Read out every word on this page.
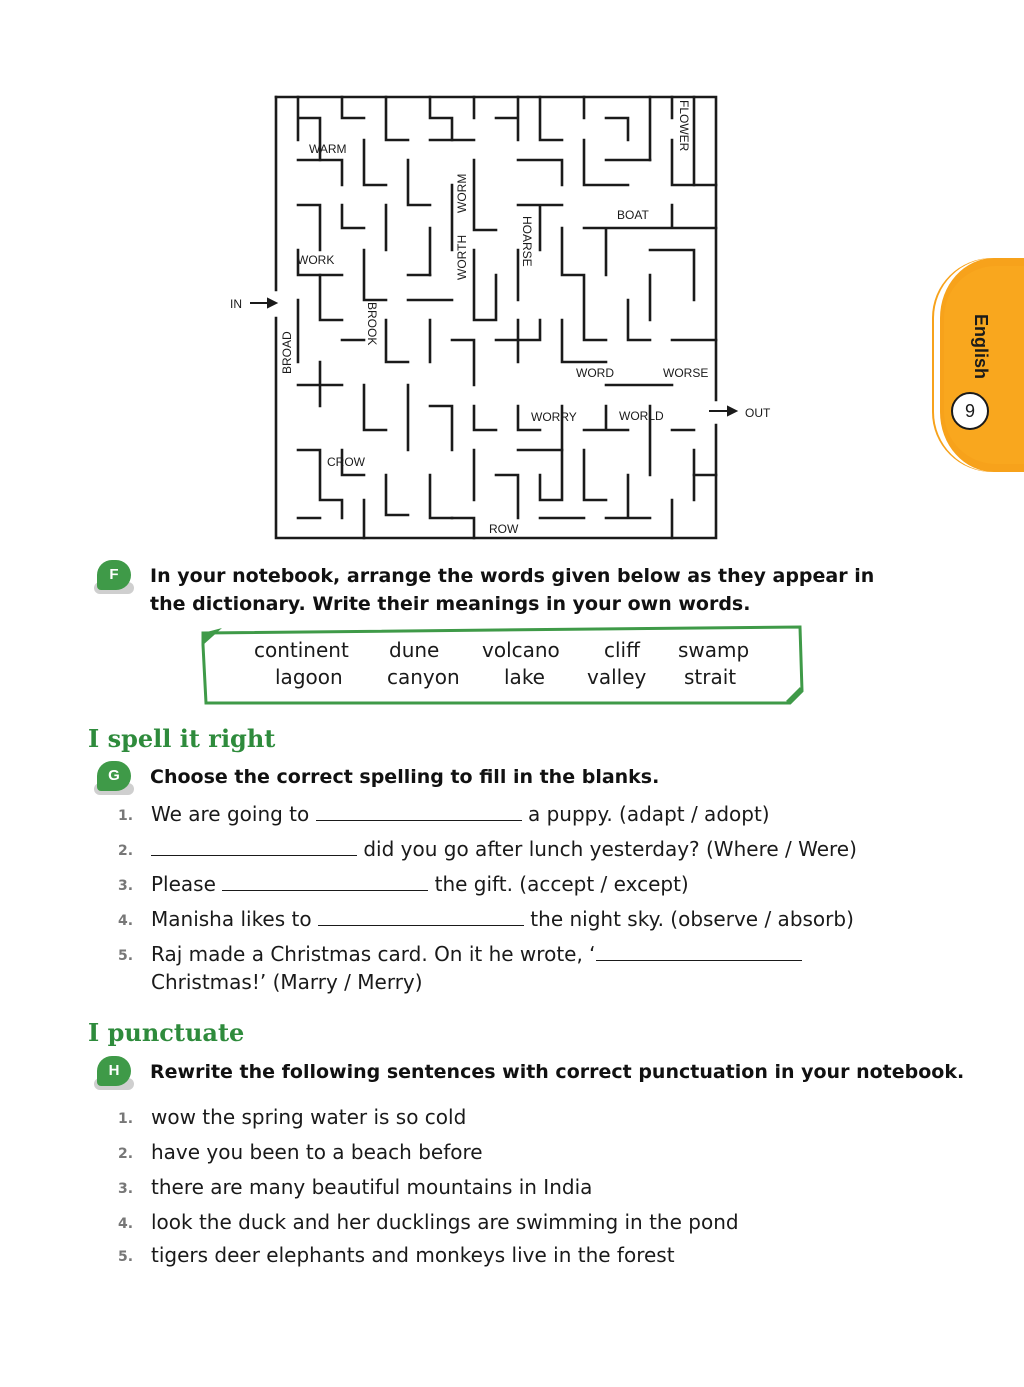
WARM	FLOWER
WORM
BOAT
HOARSE
WORTH
WORK
IN	BROOK
BROAD	WORD	WORSE
WORRY	WORLD	OUT
CROW
ROW
English
9
F	In your notebook, arrange the words given below as they appear in
the dictionary. Write their meanings in your own words.
continent dune volcano cliff swamp
lagoon canyon lake valley strait
I spell it right
G	Choose the correct spelling to fill in the blanks.
1. We are going to	a puppy. (adapt / adopt)
2.	did you go after lunch yesterday? (Where / Were)
3. Please	the gift. (accept / except)
4. Manisha likes to	the night sky. (observe / absorb)
5. Raj made a Christmas card. On it he wrote, ‘
Christmas!’ (Marry / Merry)
I punctuate
H	Rewrite the following sentences with correct punctuation in your notebook.
1. wow the spring water is so cold
2. have you been to a beach before
3. there are many beautiful mountains in India
4. look the duck and her ducklings are swimming in the pond
5. tigers deer elephants and monkeys live in the forest
